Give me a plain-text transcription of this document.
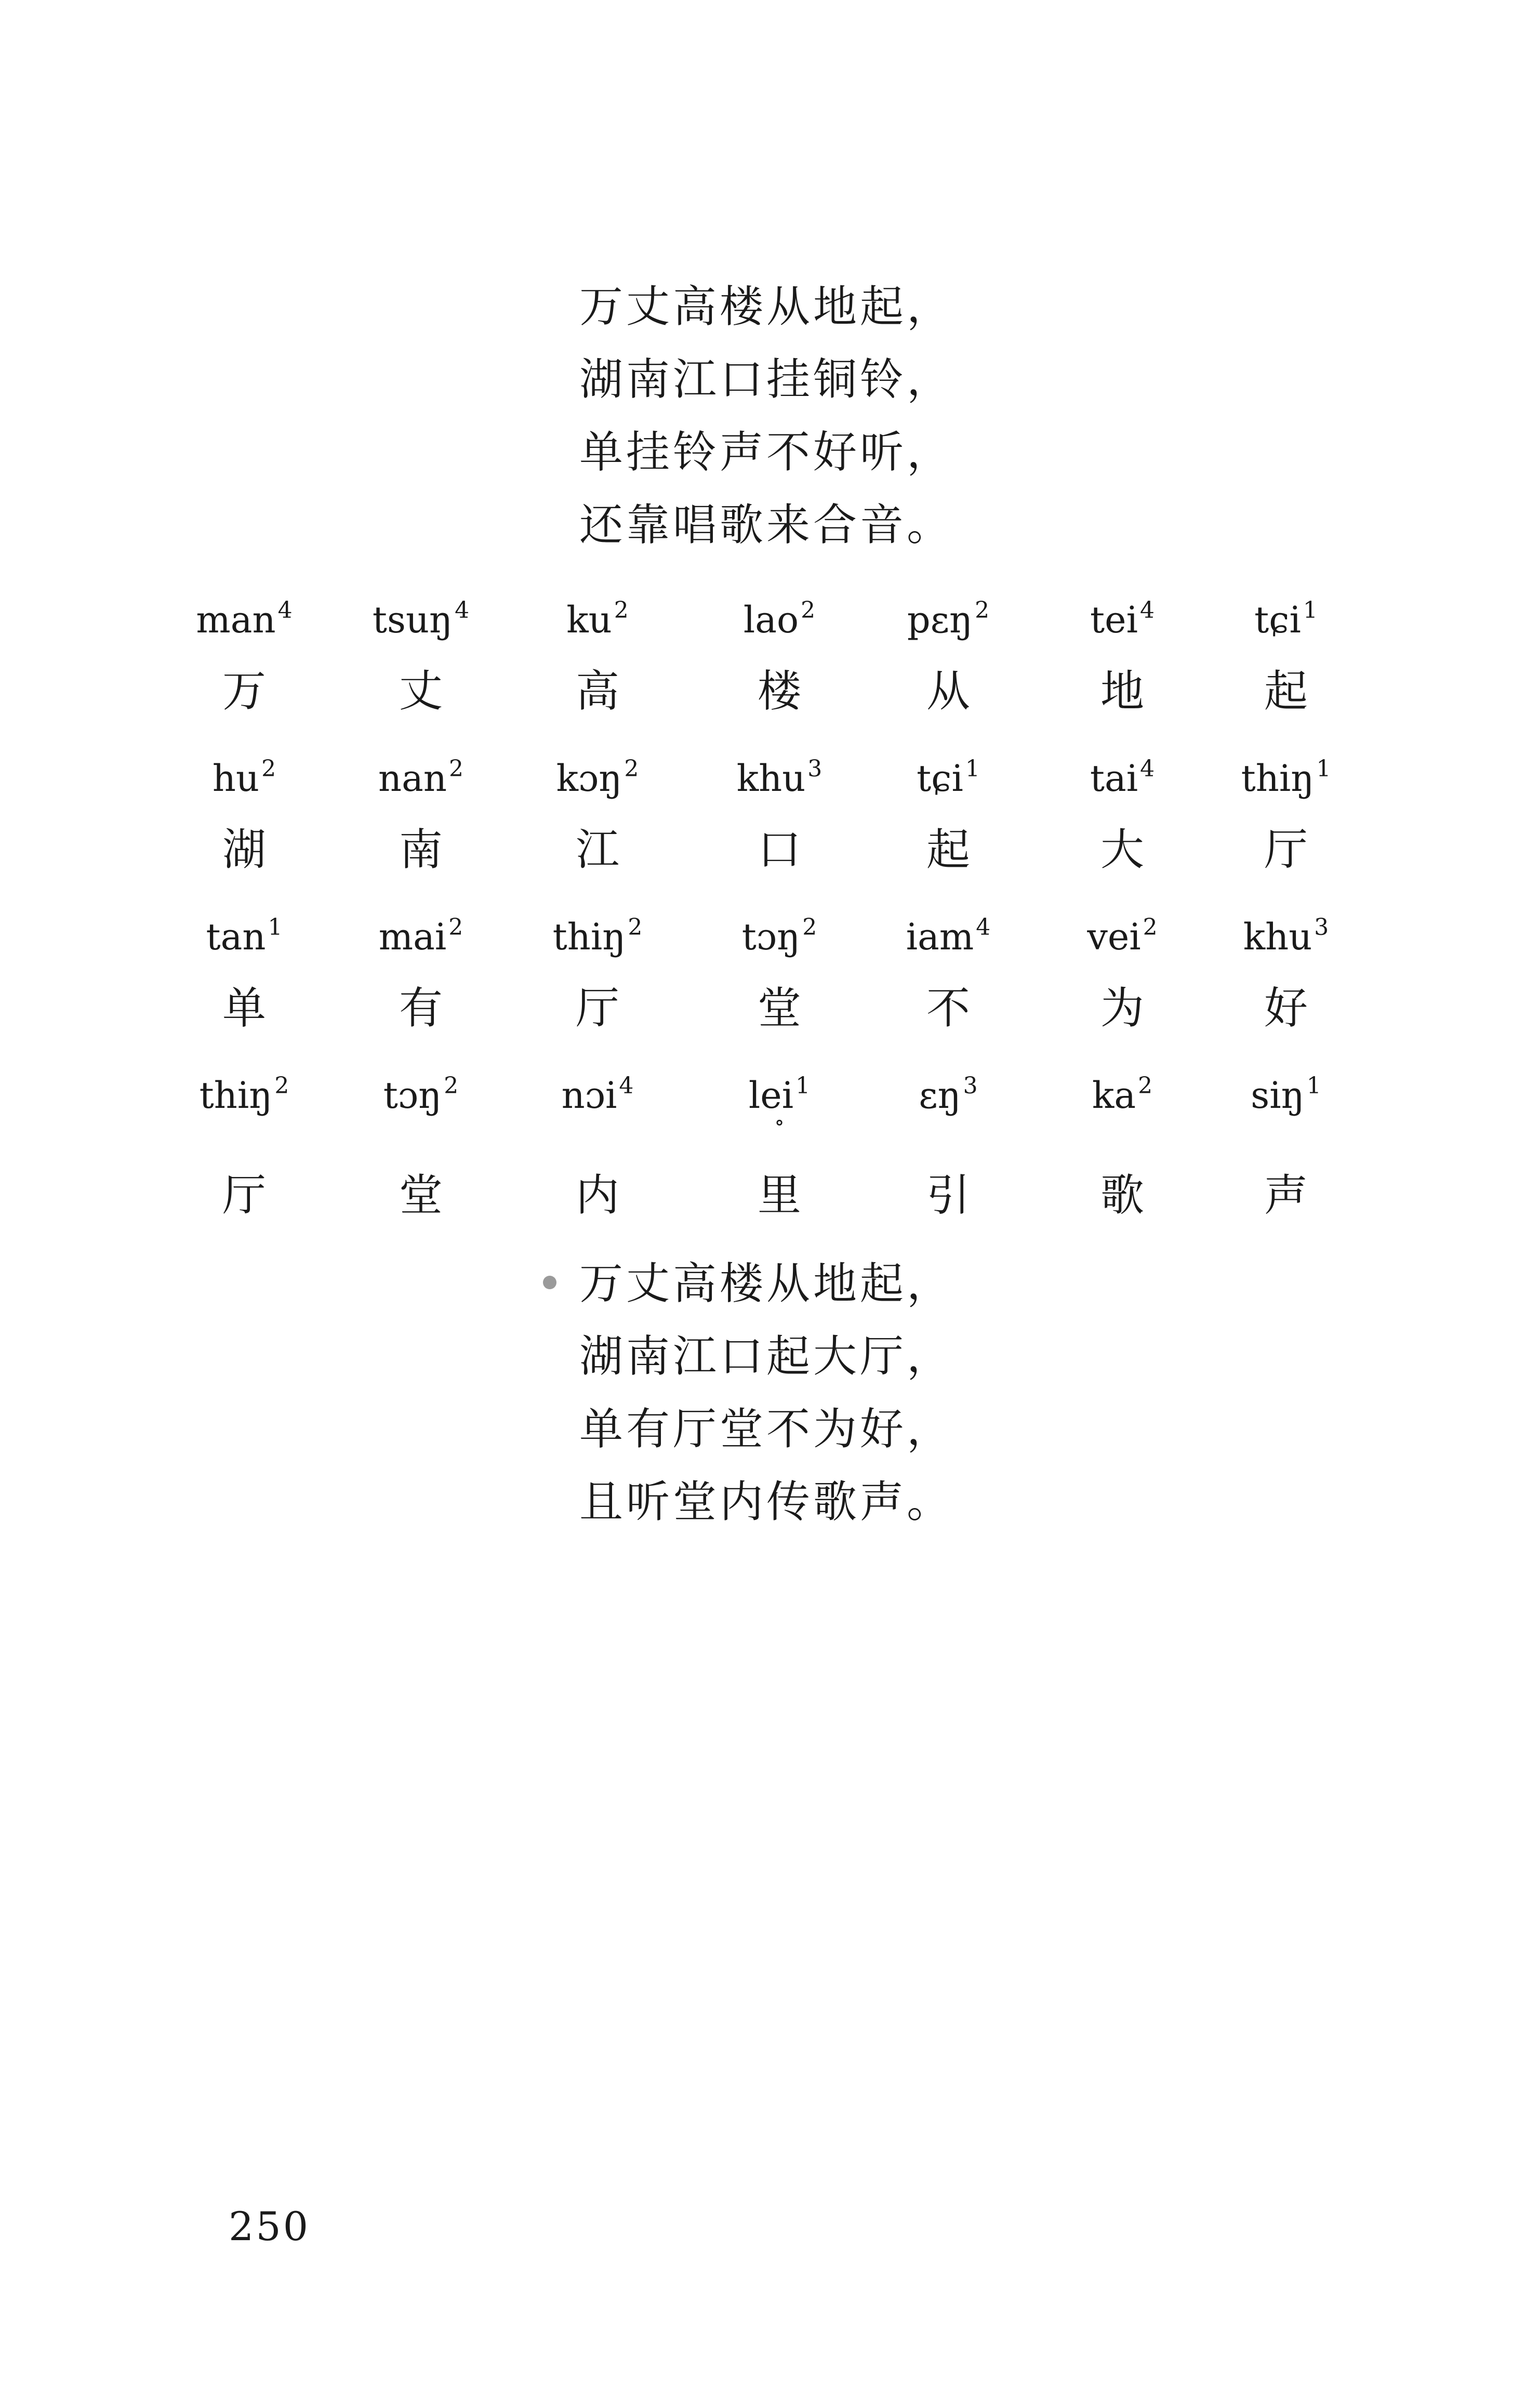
万丈高楼从地起，
湖南江口挂铜铃，
单挂铃声不好听，
还靠唱歌来合音。
man$^4$
万
tsuŋ$^4$
丈
$ku^2$
高
lao$^2$
楼
pɛŋ$^2$
从
tei$^4$
地
tɕi$^1$
起
$hu^2$
湖
nan$^2$
南
kɔŋ$^2$
江
khu$^3$
口
tɕi$^1$
起
tai$^4$
大
thiŋ$^1$
厅
$\tan^1$
单
mai$^2$
有
thiŋ$^2$
厅
tɔŋ$^2$
堂
iam$^4$
不
vei$^2$
为
khu$^3$
好
thiŋ$^2$
厅
tɔŋ$^2$
堂
nɔi$^4$
内
lei$^1$
∘
里
ɛŋ$^3$
引
$ka^2$
歌
siŋ$^1$
声
万丈高楼从地起，
湖南江口起大厅，
单有厅堂不为好，
且听堂内传歌声。
250
